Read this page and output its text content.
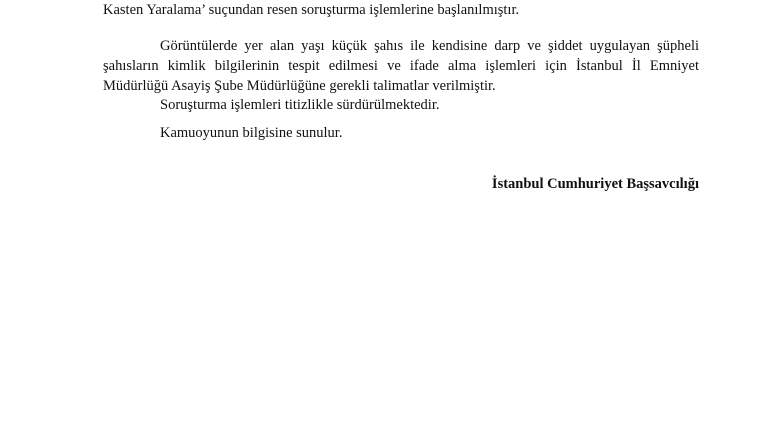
Kasten Yaralama’ suçundan resen soruşturma işlemlerine başlanılmıştır.

Görüntülerde yer alan yaşı küçük şahıs ile kendisine darp ve şiddet uygulayan şüpheli
şahısların kimlik bilgilerinin tespit edilmesi ve ifade alma işlemleri için İstanbul İl Emniyet
Müdürlüğü Asayiş Şube Müdürlüğüne gerekli talimatlar verilmiştir.

Soruşturma işlemleri titizlikle sürdürülmektedir.

Kamuoyunun bilgisine sunulur.

İstanbul Cumhuriyet Başsavcılığı
